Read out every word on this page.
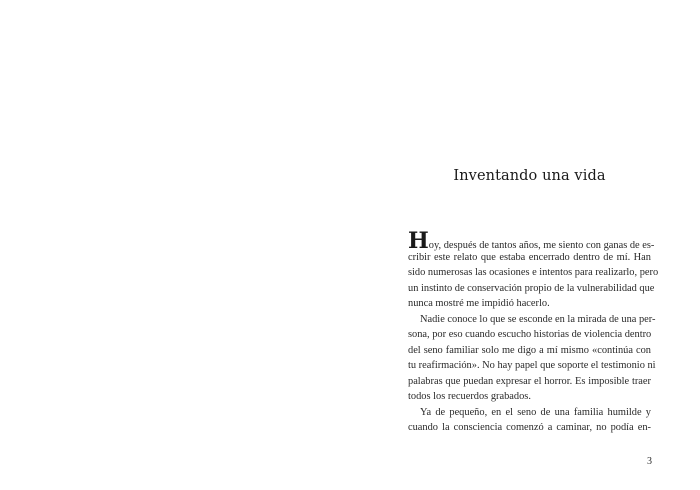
Inventando una vida
Hoy, después de tantos años, me siento con ganas de es-
cribir este relato que estaba encerrado dentro de mí. Han
sido numerosas las ocasiones e intentos para realizarlo, pero
un instinto de conservación propio de la vulnerabilidad que
nunca mostré me impidió hacerlo.
Nadie conoce lo que se esconde en la mirada de una per-
sona, por eso cuando escucho historias de violencia dentro
del seno familiar solo me digo a mí mismo «continúa con
tu reafirmación». No hay papel que soporte el testimonio ni
palabras que puedan expresar el horror. Es imposible traer
todos los recuerdos grabados.
Ya de pequeño, en el seno de una familia humilde y
cuando la consciencia comenzó a caminar, no podía en-
3
